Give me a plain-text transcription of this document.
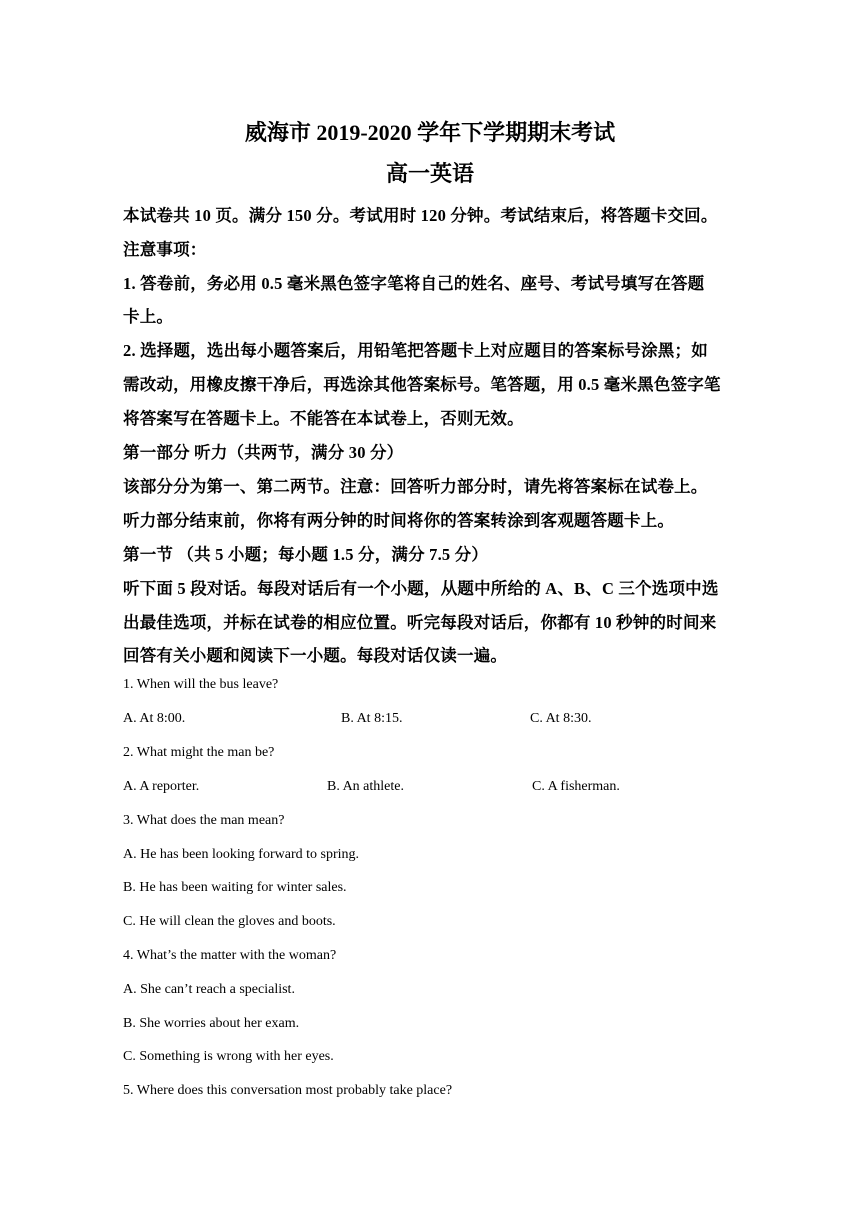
威海市 2019-2020 学年下学期期末考试
高一英语
本试卷共 10 页。满分 150 分。考试用时 120 分钟。考试结束后，将答题卡交回。
注意事项：
1. 答卷前，务必用 0.5 毫米黑色签字笔将自己的姓名、座号、考试号填写在答题
卡上。
2. 选择题，选出每小题答案后，用铅笔把答题卡上对应题目的答案标号涂黑；如
需改动，用橡皮擦干净后，再选涂其他答案标号。笔答题，用 0.5 毫米黑色签字笔
将答案写在答题卡上。不能答在本试卷上，否则无效。
第一部分 听力（共两节，满分 30 分）
该部分分为第一、第二两节。注意：回答听力部分时，请先将答案标在试卷上。
听力部分结束前，你将有两分钟的时间将你的答案转涂到客观题答题卡上。
第一节 （共 5 小题；每小题 1.5 分，满分 7.5 分）
听下面 5 段对话。每段对话后有一个小题，从题中所给的 A、B、C 三个选项中选
出最佳选项，并标在试卷的相应位置。听完每段对话后，你都有 10 秒钟的时间来
回答有关小题和阅读下一小题。每段对话仅读一遍。
1. When will the bus leave?
A. At 8:00.	B. At 8:15.	C. At 8:30.
2. What might the man be?
A. A reporter.	B. An athlete.	C. A fisherman.
3. What does the man mean?
A. He has been looking forward to spring.
B. He has been waiting for winter sales.
C. He will clean the gloves and boots.
4. What’s the matter with the woman?
A. She can’t reach a specialist.
B. She worries about her exam.
C. Something is wrong with her eyes.
5. Where does this conversation most probably take place?
